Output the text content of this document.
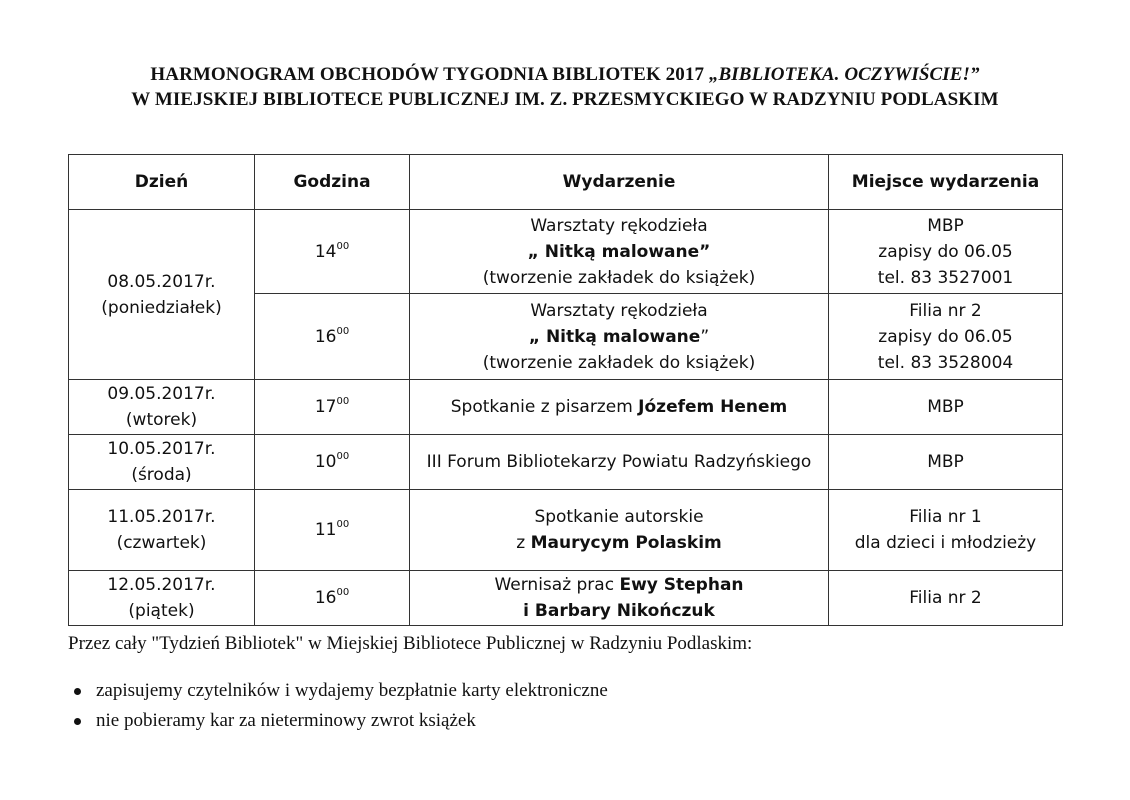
HARMONOGRAM OBCHODÓW TYGODNIA BIBLIOTEK 2017 „BIBLIOTEKA. OCZYWIŚCIE!”
W MIEJSKIEJ BIBLIOTECE PUBLICZNEJ IM. Z. PRZESMYCKIEGO W RADZYNIU PODLASKIM
Dzień	Godzina	Wydarzenie	Miejsce wydarzenia

08.05.2017r.
(poniedziałek)	$14^{00}$	Warsztaty rękodzieła
„ Nitką malowane”
(tworzenie zakładek do książek)	MBP
zapisy do 06.05
tel. 83 3527001

	$16^{00}$	Warsztaty rękodzieła
„ Nitką malowane”
(tworzenie zakładek do książek)	Filia nr 2
zapisy do 06.05
tel. 83 3528004

09.05.2017r.
(wtorek)	$17^{00}$	Spotkanie z pisarzem Józefem Henem	MBP

10.05.2017r.
(środa)	$10^{00}$	III Forum Bibliotekarzy Powiatu Radzyńskiego	MBP

11.05.2017r.
(czwartek)	$11^{00}$	Spotkanie autorskie
z Maurycym Polaskim	Filia nr 1
dla dzieci i młodzieży

12.05.2017r.
(piątek)	$16^{00}$	Wernisaż prac Ewy Stephan
i Barbary Nikończuk	Filia nr 2
Przez cały "Tydzień Bibliotek" w Miejskiej Bibliotece Publicznej w Radzyniu Podlaskim:
zapisujemy czytelników i wydajemy bezpłatnie karty elektroniczne
nie pobieramy kar za nieterminowy zwrot książek
